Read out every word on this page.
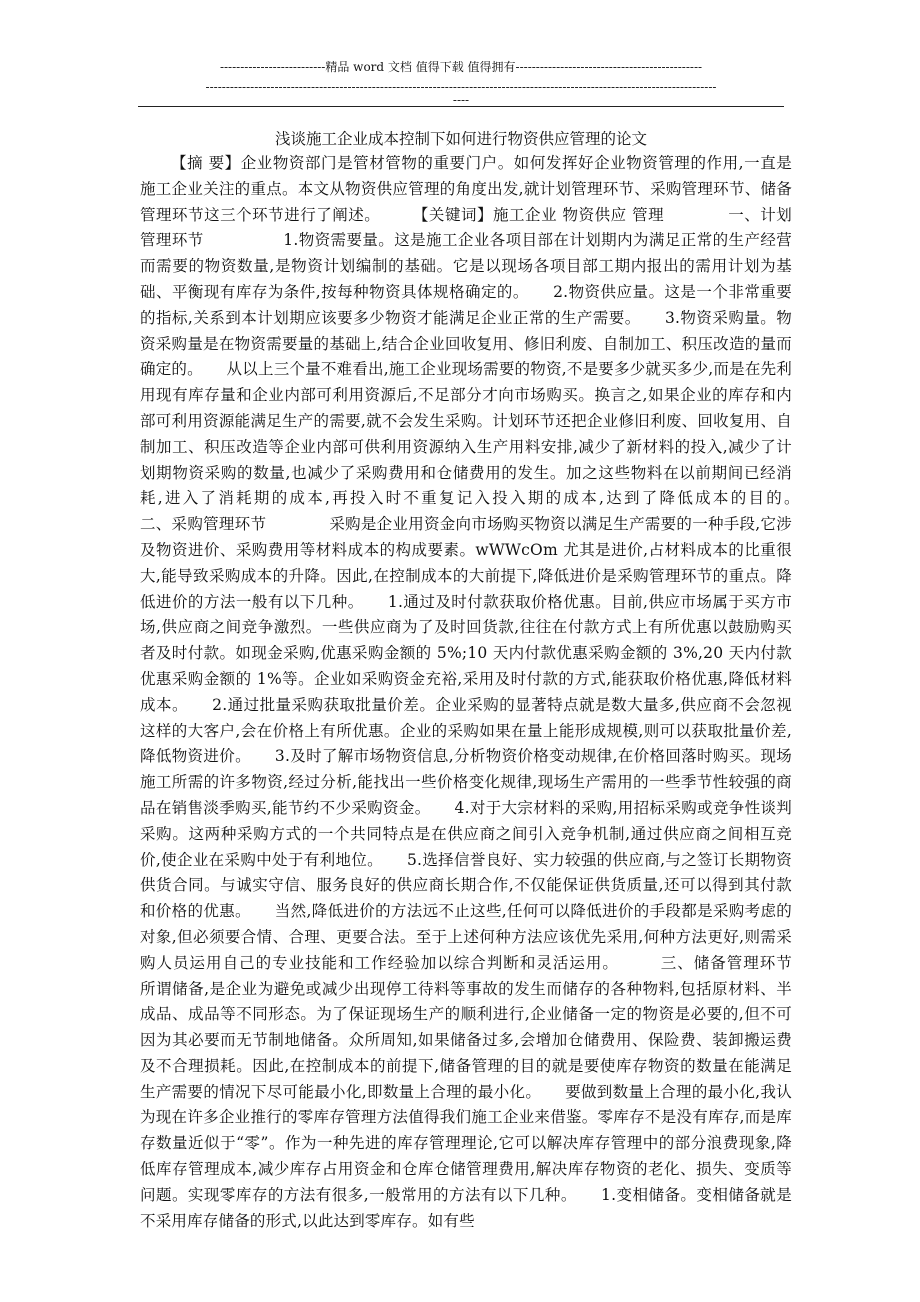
--------------------------精品 word 文档 值得下载 值得拥有----------------------------------------------
------------------------------------------------------------------------------------------------------------------------------
----
浅谈施工企业成本控制下如何进行物资供应管理的论文
【摘 要】企业物资部门是管材管物的重要门户。如何发挥好企业物资管理的作用,一直是施工企业关注的重点。本文从物资供应管理的角度出发,就计划管理环节、采购管理环节、储备管理环节这三个环节进行了阐述。　　　【关键词】施工企业 物资供应 管理　　　　一、计划管理环节　　　　　1.物资需要量。这是施工企业各项目部在计划期内为满足正常的生产经营而需要的物资数量,是物资计划编制的基础。它是以现场各项目部工期内报出的需用计划为基础、平衡现有库存为条件,按每种物资具体规格确定的。　　2.物资供应量。这是一个非常重要的指标,关系到本计划期应该要多少物资才能满足企业正常的生产需要。　　3.物资采购量。物资采购量是在物资需要量的基础上,结合企业回收复用、修旧利废、自制加工、积压改造的量而确定的。　　从以上三个量不难看出,施工企业现场需要的物资,不是要多少就买多少,而是在先利用现有库存量和企业内部可利用资源后,不足部分才向市场购买。换言之,如果企业的库存和内部可利用资源能满足生产的需要,就不会发生采购。计划环节还把企业修旧利废、回收复用、自制加工、积压改造等企业内部可供利用资源纳入生产用料安排,减少了新材料的投入,减少了计划期物资采购的数量,也减少了采购费用和仓储费用的发生。加之这些物料在以前期间已经消耗,进入了消耗期的成本,再投入时不重复记入投入期的成本,达到了降低成本的目的。　　　　二、采购管理环节　　　　采购是企业用资金向市场购买物资以满足生产需要的一种手段,它涉及物资进价、采购费用等材料成本的构成要素。wWWcOm 尤其是进价,占材料成本的比重很大,能导致采购成本的升降。因此,在控制成本的大前提下,降低进价是采购管理环节的重点。降低进价的方法一般有以下几种。　　1.通过及时付款获取价格优惠。目前,供应市场属于买方市场,供应商之间竞争激烈。一些供应商为了及时回货款,往往在付款方式上有所优惠以鼓励购买者及时付款。如现金采购,优惠采购金额的 5%;10 天内付款优惠采购金额的 3%,20 天内付款优惠采购金额的 1%等。企业如采购资金充裕,采用及时付款的方式,能获取价格优惠,降低材料成本。　　2.通过批量采购获取批量价差。企业采购的显著特点就是数大量多,供应商不会忽视这样的大客户,会在价格上有所优惠。企业的采购如果在量上能形成规模,则可以获取批量价差,降低物资进价。　　3.及时了解市场物资信息,分析物资价格变动规律,在价格回落时购买。现场施工所需的许多物资,经过分析,能找出一些价格变化规律,现场生产需用的一些季节性较强的商品在销售淡季购买,能节约不少采购资金。　　4.对于大宗材料的采购,用招标采购或竞争性谈判采购。这两种采购方式的一个共同特点是在供应商之间引入竞争机制,通过供应商之间相互竞价,使企业在采购中处于有利地位。　　5.选择信誉良好、实力较强的供应商,与之签订长期物资供货合同。与诚实守信、服务良好的供应商长期合作,不仅能保证供货质量,还可以得到其付款和价格的优惠。　　当然,降低进价的方法远不止这些,任何可以降低进价的手段都是采购考虑的对象,但必须要合情、合理、更要合法。至于上述何种方法应该优先采用,何种方法更好,则需采购人员运用自己的专业技能和工作经验加以综合判断和灵活运用。　　　三、储备管理环节　　　　所谓储备,是企业为避免或减少出现停工待料等事故的发生而储存的各种物料,包括原材料、半成品、成品等不同形态。为了保证现场生产的顺利进行,企业储备一定的物资是必要的,但不可因为其必要而无节制地储备。众所周知,如果储备过多,会增加仓储费用、保险费、装卸搬运费及不合理损耗。因此,在控制成本的前提下,储备管理的目的就是要使库存物资的数量在能满足生产需要的情况下尽可能最小化,即数量上合理的最小化。　　要做到数量上合理的最小化,我认为现在许多企业推行的零库存管理方法值得我们施工企业来借鉴。零库存不是没有库存,而是库存数量近似于“零”。作为一种先进的库存管理理论,它可以解决库存管理中的部分浪费现象,降低库存管理成本,减少库存占用资金和仓库仓储管理费用,解决库存物资的老化、损失、变质等问题。实现零库存的方法有很多,一般常用的方法有以下几种。　　1.变相储备。变相储备就是不采用库存储备的形式,以此达到零库存。如有些
